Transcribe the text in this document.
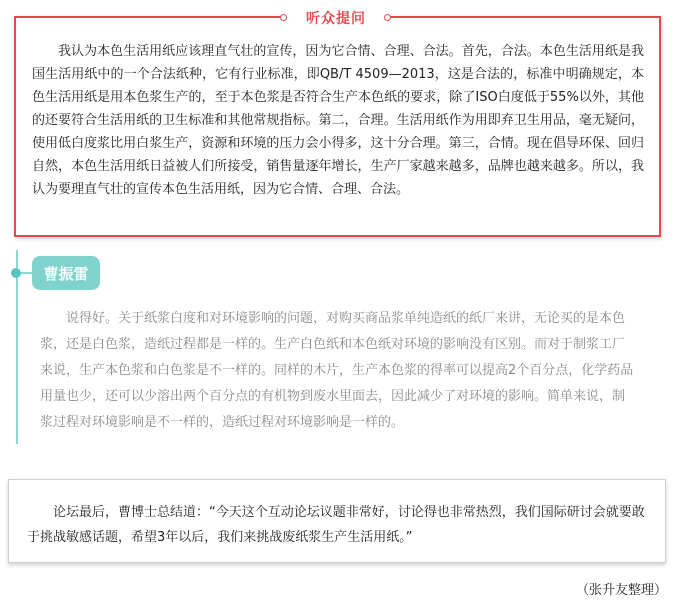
听众提问

我认为本色生活用纸应该理直气壮的宣传，因为它合情、合理、合法。首先，合法。本色生活用纸是我国生活用纸中的一个合法纸种，它有行业标准，即QB/T 4509—2013，这是合法的，标准中明确规定，本色生活用纸是用本色浆生产的，至于本色浆是否符合生产本色纸的要求，除了ISO白度低于55%以外，其他的还要符合生活用纸的卫生标准和其他常规指标。第二，合理。生活用纸作为用即弃卫生用品，毫无疑问，使用低白度浆比用白浆生产，资源和环境的压力会小得多，这十分合理。第三，合情。现在倡导环保、回归自然，本色生活用纸日益被人们所接受，销售量逐年增长，生产厂家越来越多，品牌也越来越多。所以，我认为要理直气壮的宣传本色生活用纸，因为它合情、合理、合法。

曹振雷
说得好。关于纸浆白度和对环境影响的问题，对购买商品浆单纯造纸的纸厂来讲，无论买的是本色
浆，还是白色浆，造纸过程都是一样的。生产白色纸和本色纸对环境的影响没有区别。而对于制浆工厂
来说，生产本色浆和白色浆是不一样的。同样的木片，生产本色浆的得率可以提高2个百分点，化学药品
用量也少，还可以少溶出两个百分点的有机物到废水里面去，因此减少了对环境的影响。简单来说，制
浆过程对环境影响是不一样的，造纸过程对环境影响是一样的。

论坛最后，曹博士总结道：“今天这个互动论坛议题非常好，讨论得也非常热烈，我们国际研讨会就要敢于挑战敏感话题，希望3年以后，我们来挑战废纸浆生产生活用纸。”

（张升友整理）
